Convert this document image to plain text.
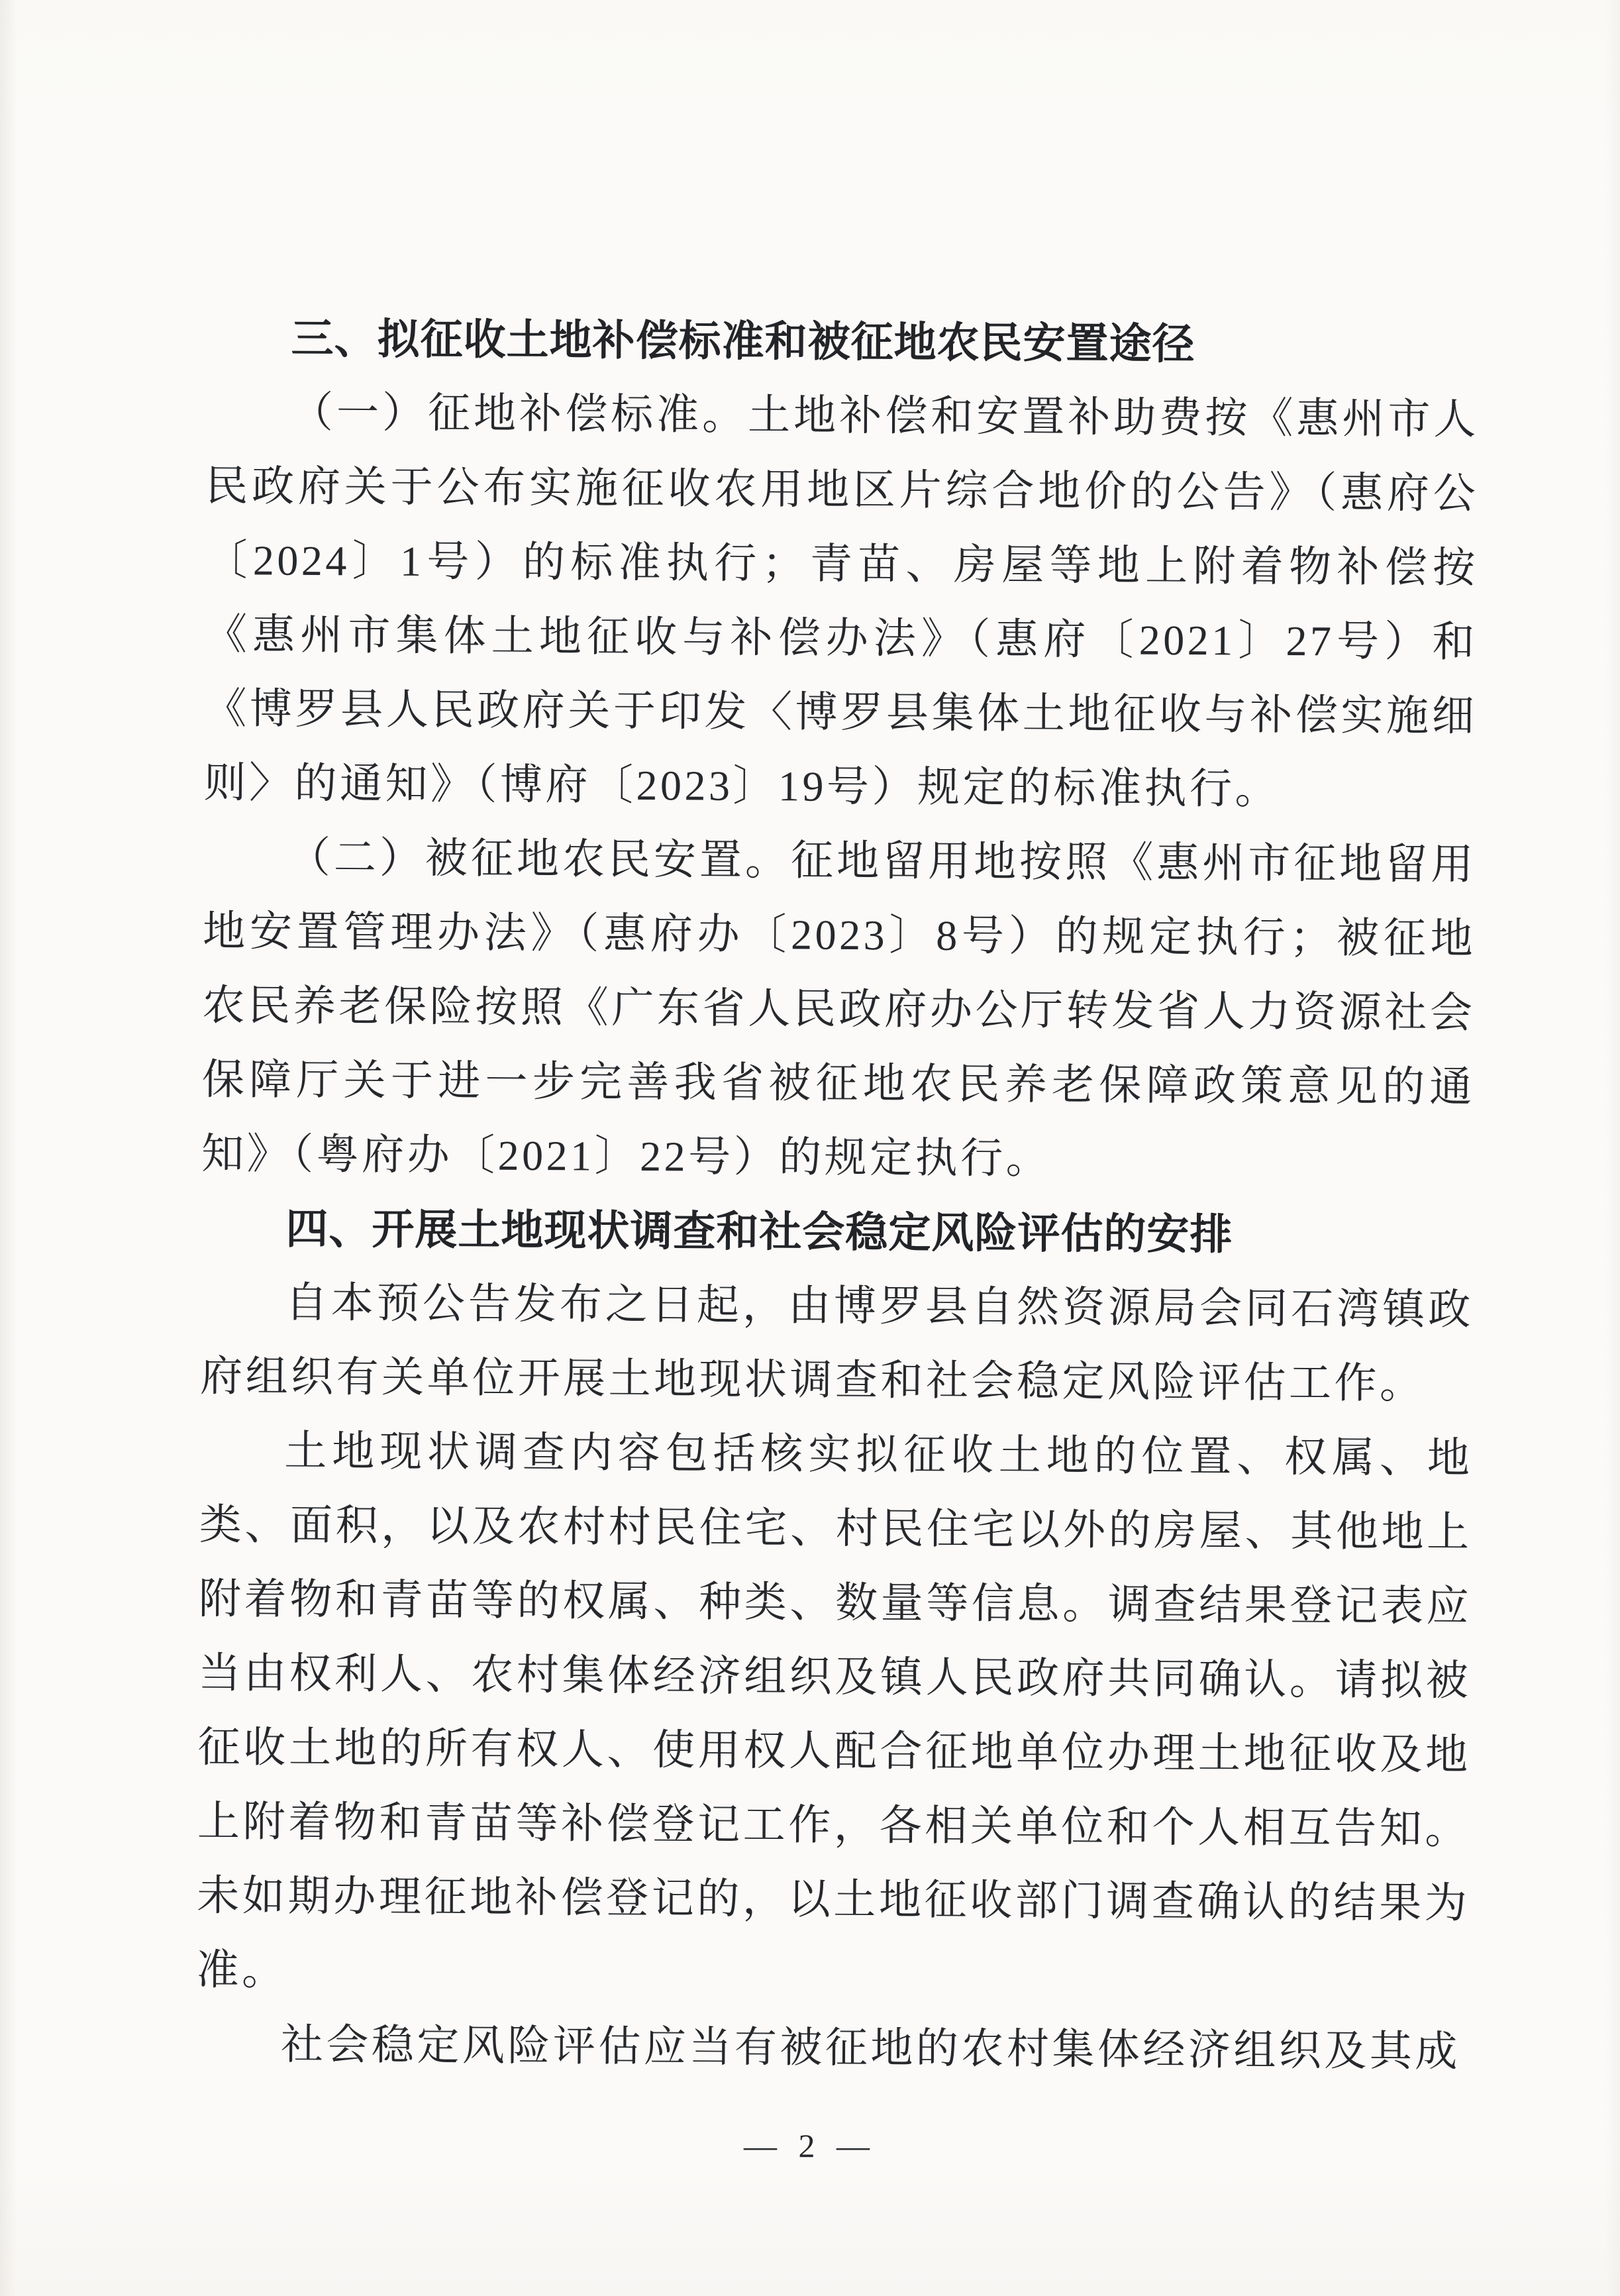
三、拟征收土地补偿标准和被征地农民安置途径

（一）征地补偿标准。土地补偿和安置补助费按《惠州市人民政府关于公布实施征收农用地区片综合地价的公告》（惠府公〔2024〕1号）的标准执行；青苗、房屋等地上附着物补偿按《惠州市集体土地征收与补偿办法》（惠府〔2021〕27号）和《博罗县人民政府关于印发〈博罗县集体土地征收与补偿实施细则〉的通知》（博府〔2023〕19号）规定的标准执行。

（二）被征地农民安置。征地留用地按照《惠州市征地留用地安置管理办法》（惠府办〔2023〕8号）的规定执行；被征地农民养老保险按照《广东省人民政府办公厅转发省人力资源社会保障厅关于进一步完善我省被征地农民养老保障政策意见的通知》（粤府办〔2021〕22号）的规定执行。

四、开展土地现状调查和社会稳定风险评估的安排

自本预公告发布之日起，由博罗县自然资源局会同石湾镇政府组织有关单位开展土地现状调查和社会稳定风险评估工作。

土地现状调查内容包括核实拟征收土地的位置、权属、地类、面积，以及农村村民住宅、村民住宅以外的房屋、其他地上附着物和青苗等的权属、种类、数量等信息。调查结果登记表应当由权利人、农村集体经济组织及镇人民政府共同确认。请拟被征收土地的所有权人、使用权人配合征地单位办理土地征收及地上附着物和青苗等补偿登记工作，各相关单位和个人相互告知。未如期办理征地补偿登记的，以土地征收部门调查确认的结果为准。

社会稳定风险评估应当有被征地的农村集体经济组织及其成

— 2 —
